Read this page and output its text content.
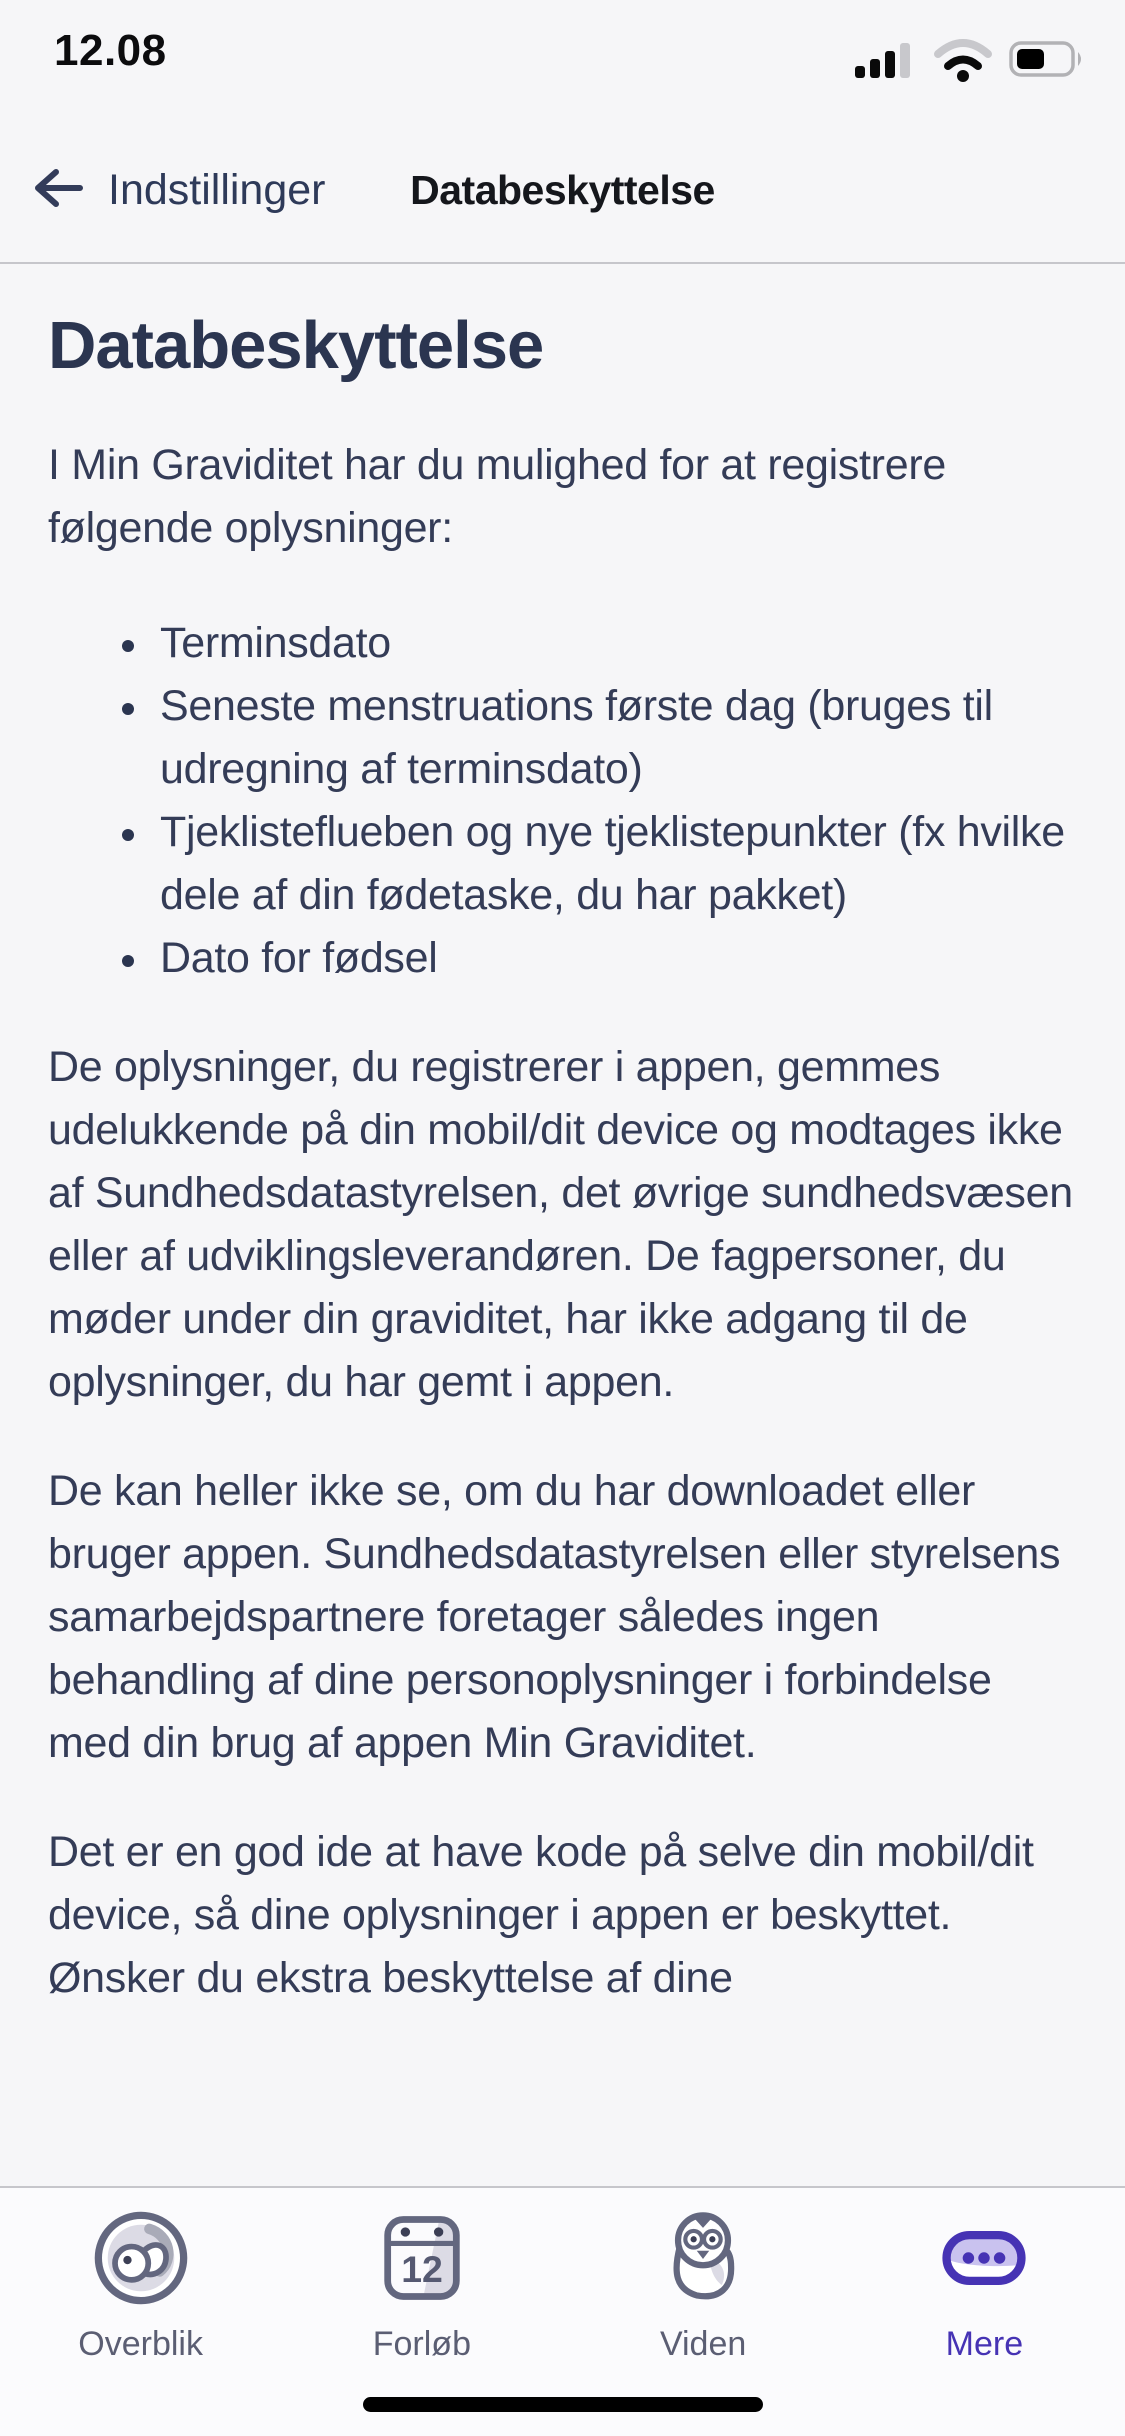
12.08
Indstillinger	Databeskyttelse
Databeskyttelse

I Min Graviditet har du mulighed for at registrere følgende oplysninger:

• Terminsdato
• Seneste menstruations første dag (bruges til udregning af terminsdato)
• Tjeklisteflueben og nye tjeklistepunkter (fx hvilke dele af din fødetaske, du har pakket)
• Dato for fødsel

De oplysninger, du registrerer i appen, gemmes udelukkende på din mobil/dit device og modtages ikke af Sundhedsdatastyrelsen, det øvrige sundhedsvæsen eller af udviklingsleverandøren. De fagpersoner, du møder under din graviditet, har ikke adgang til de oplysninger, du har gemt i appen.

De kan heller ikke se, om du har downloadet eller bruger appen. Sundhedsdatastyrelsen eller styrelsens samarbejdspartnere foretager således ingen behandling af dine personoplysninger i forbindelse med din brug af appen Min Graviditet.

Det er en god ide at have kode på selve din mobil/dit device, så dine oplysninger i appen er beskyttet. Ønsker du ekstra beskyttelse af dine

Overblik
12
Forløb	Viden	Mere
